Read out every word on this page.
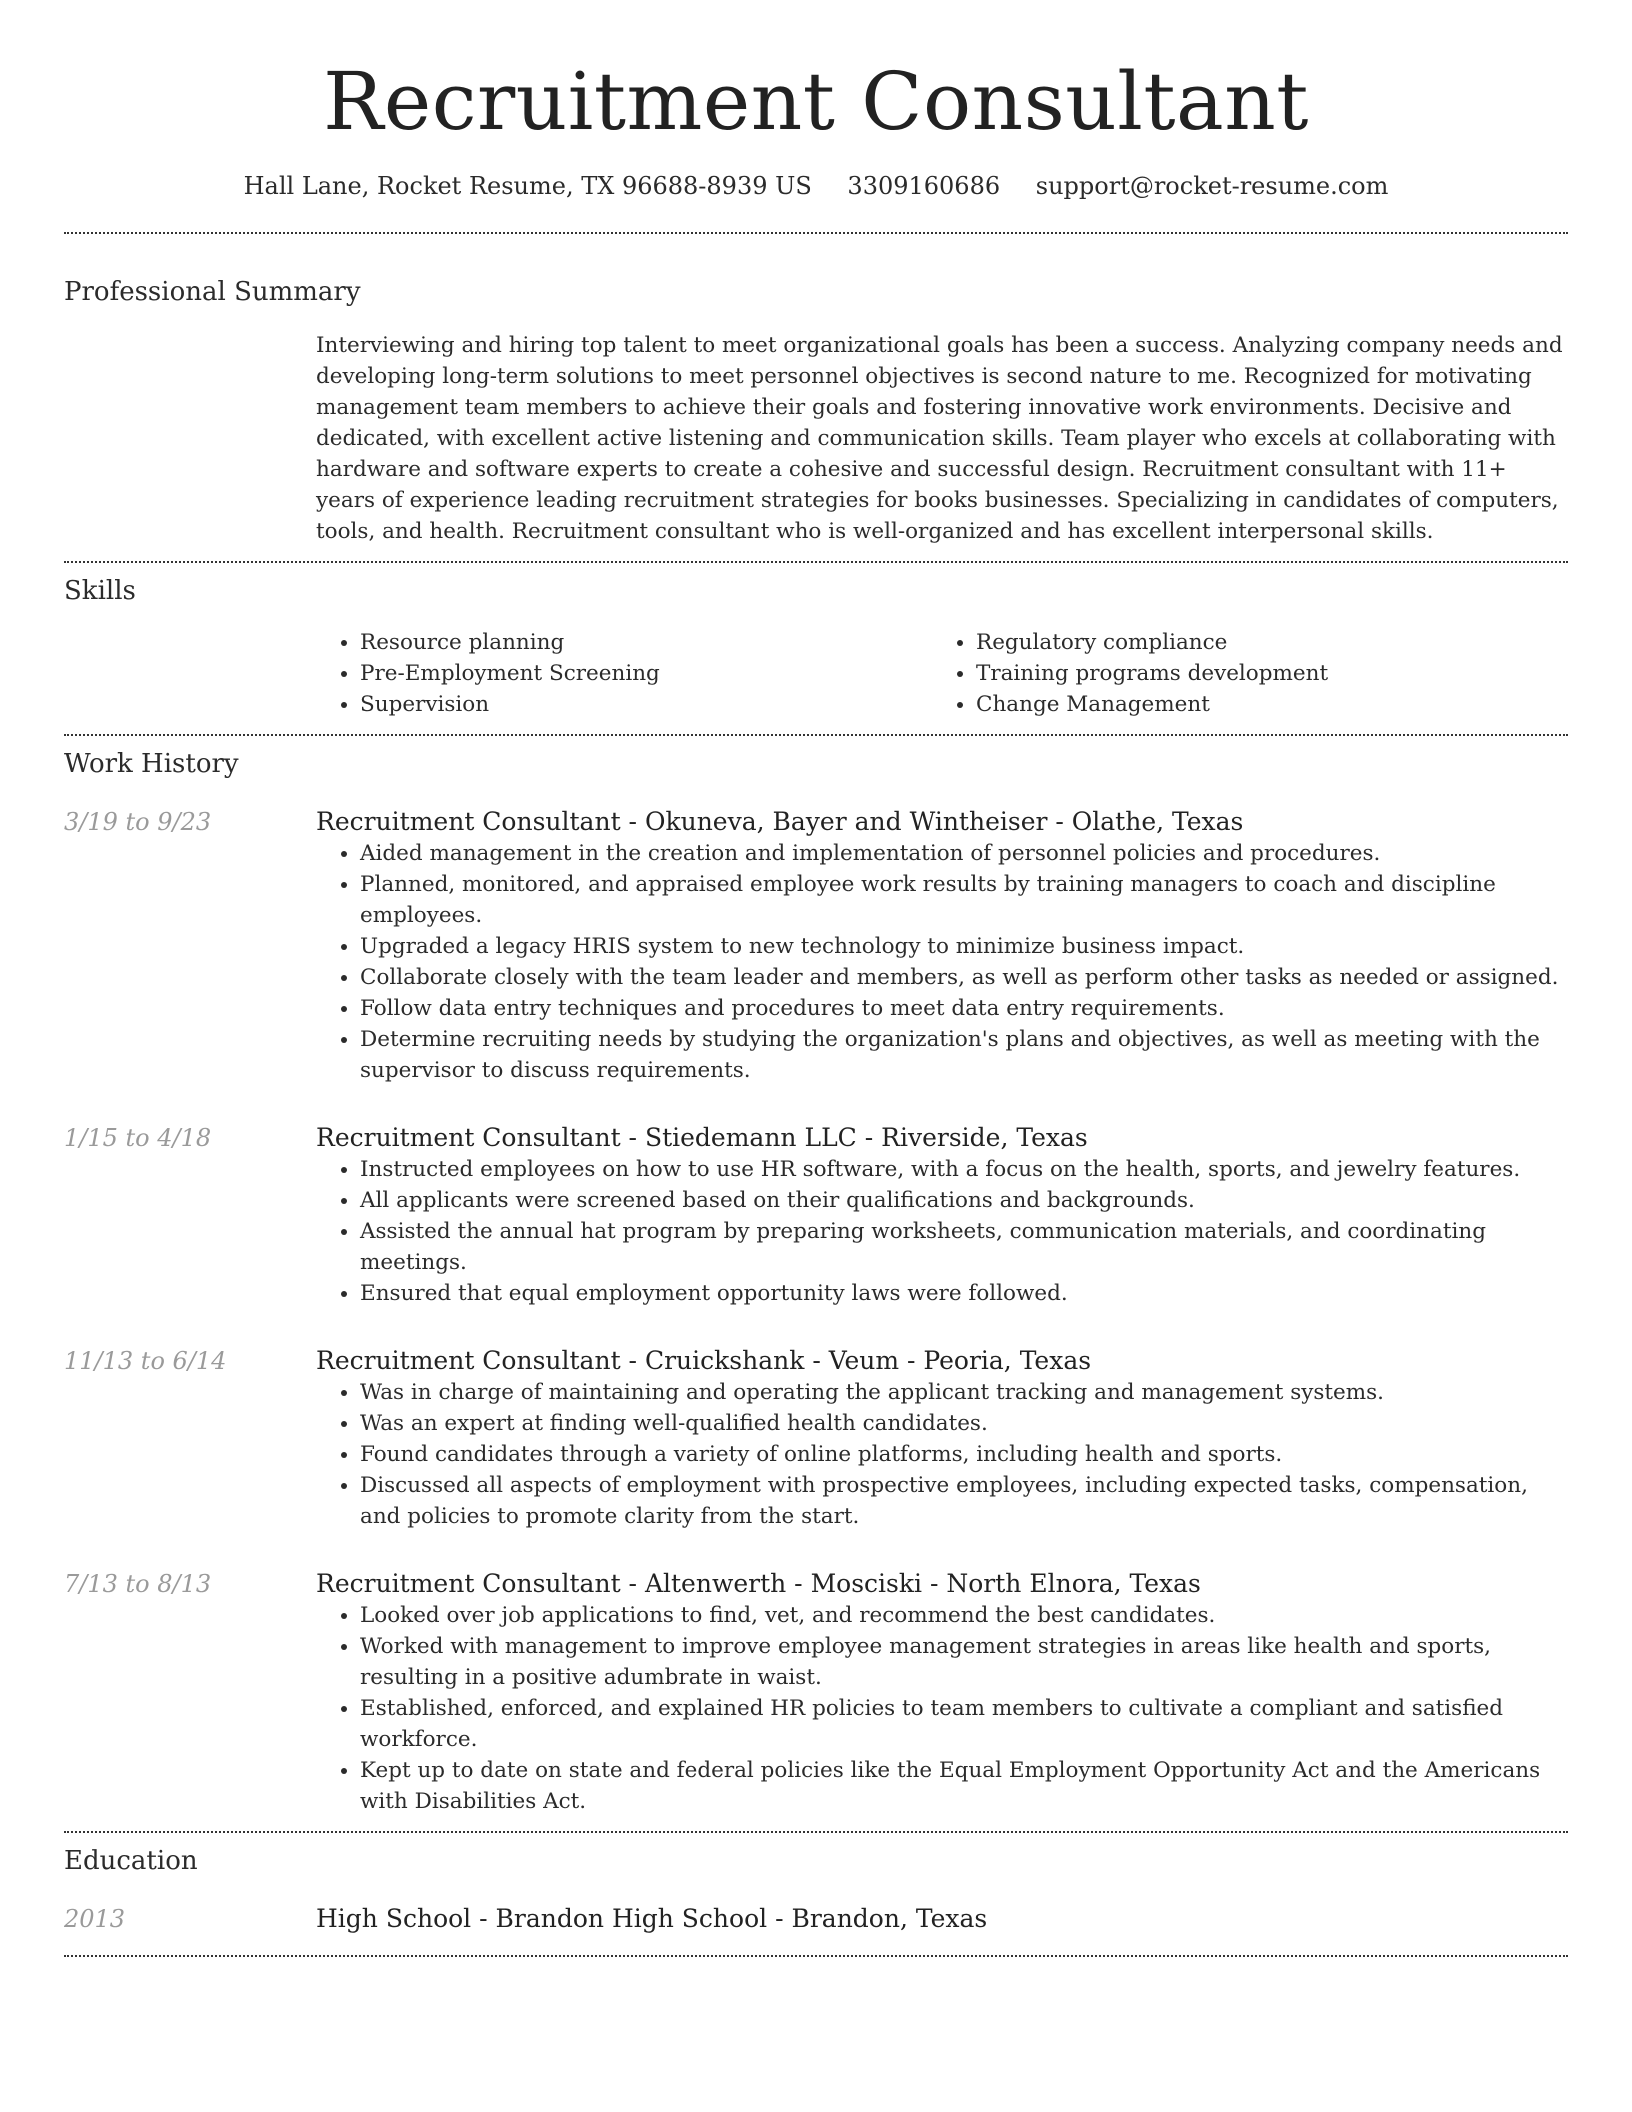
Recruitment Consultant
Hall Lane, Rocket Resume, TX 96688-8939 US 3309160686 support@rocket-resume.com
Professional Summary
Interviewing and hiring top talent to meet organizational goals has been a success. Analyzing company needs and developing long-term solutions to meet personnel objectives is second nature to me. Recognized for motivating management team members to achieve their goals and fostering innovative work environments. Decisive and dedicated, with excellent active listening and communication skills. Team player who excels at collaborating with hardware and software experts to create a cohesive and successful design. Recruitment consultant with 11+ years of experience leading recruitment strategies for books businesses. Specializing in candidates of computers, tools, and health. Recruitment consultant who is well-organized and has excellent interpersonal skills.
Skills
• Resource planning
• Pre-Employment Screening
• Supervision
• Regulatory compliance
• Training programs development
• Change Management
Work History
3/19 to 9/23	Recruitment Consultant - Okuneva, Bayer and Wintheiser - Olathe, Texas
• Aided management in the creation and implementation of personnel policies and procedures.
• Planned, monitored, and appraised employee work results by training managers to coach and discipline employees.
• Upgraded a legacy HRIS system to new technology to minimize business impact.
• Collaborate closely with the team leader and members, as well as perform other tasks as needed or assigned.
• Follow data entry techniques and procedures to meet data entry requirements.
• Determine recruiting needs by studying the organization's plans and objectives, as well as meeting with the supervisor to discuss requirements.
1/15 to 4/18	Recruitment Consultant - Stiedemann LLC - Riverside, Texas
• Instructed employees on how to use HR software, with a focus on the health, sports, and jewelry features.
• All applicants were screened based on their qualifications and backgrounds.
• Assisted the annual hat program by preparing worksheets, communication materials, and coordinating meetings.
• Ensured that equal employment opportunity laws were followed.
11/13 to 6/14	Recruitment Consultant - Cruickshank - Veum - Peoria, Texas
• Was in charge of maintaining and operating the applicant tracking and management systems.
• Was an expert at finding well-qualified health candidates.
• Found candidates through a variety of online platforms, including health and sports.
• Discussed all aspects of employment with prospective employees, including expected tasks, compensation, and policies to promote clarity from the start.
7/13 to 8/13	Recruitment Consultant - Altenwerth - Mosciski - North Elnora, Texas
• Looked over job applications to find, vet, and recommend the best candidates.
• Worked with management to improve employee management strategies in areas like health and sports, resulting in a positive adumbrate in waist.
• Established, enforced, and explained HR policies to team members to cultivate a compliant and satisfied workforce.
• Kept up to date on state and federal policies like the Equal Employment Opportunity Act and the Americans with Disabilities Act.
Education
2013	High School - Brandon High School - Brandon, Texas
